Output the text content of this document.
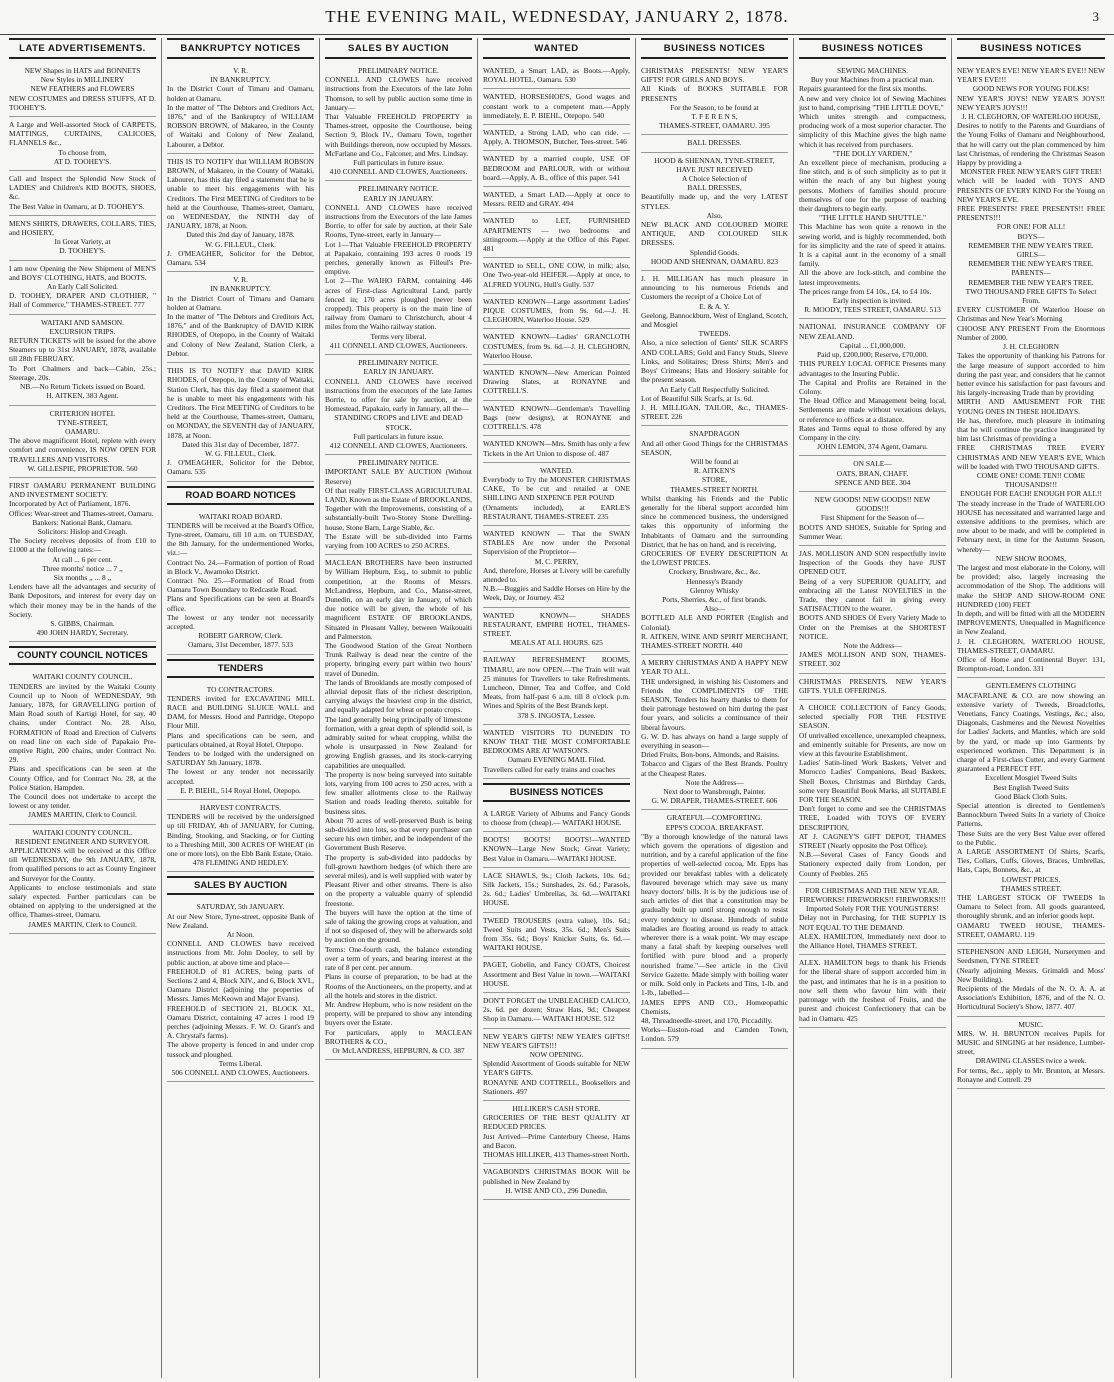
THE EVENING MAIL, WEDNESDAY, JANUARY 2, 1878.	3
LATE ADVERTISEMENTS.

NEW Shapes in HATS and BONNETS

New Styles in MILLINERY

NEW FEATHERS and FLOWERS

NEW COSTUMES and DRESS STUFFS, AT D. TOOHEY'S.

A Large and Well-assorted Stock of CARPETS, MATTINGS, CURTAINS, CALICOES, FLANNELS &c.,

To choose from,

AT D. TOOHEY'S.

Call and Inspect the Splendid New Stock of LADIES' and Children's KID BOOTS, SHOES, &c.

The Best Value in Oamaru, at D. TOOHEY'S.

MEN'S SHIRTS, DRAWERS, COLLARS, TIES, and HOSIERY,

In Great Variety, at

D. TOOHEY'S.

I am now Opening the New Shipment of MEN'S and BOYS' CLOTHING, HATS, and BOOTS.

An Early Call Solicited.

D. TOOHEY, DRAPER AND CLOTHIER, " Hall of Commerce," THAMES-STREET. 777

WAITAKI AND SAMSON.

EXCURSION TRIPS.

RETURN TICKETS will be issued for the above Steamers up to 31st JANUARY, 1878, available till 28th FEBRUARY.

To Port Chalmers and back—Cabin, 25s.; Steerage, 20s.

NB.—No Return Tickets issued on Board.

H. AITKEN, 383 Agent.

CRITERION HOTEL

TYNE-STREET,

OAMARU.

The above magnificent Hotel, replete with every comfort and convenience, IS NOW OPEN FOR TRAVELLERS AND VISITORS.

W. GILLESPIE, PROPRIETOR. 560

FIRST OAMARU PERMANENT BUILDING AND INVESTMENT SOCIETY.

Incorporated by Act of Parliament, 1876.

Offices: Wear-street and Thames-street, Oamaru.

Bankers: National Bank, Oamaru.

Solicitors: Hislop and Creagh.

The Society receives deposits of from £10 to £1000 at the following rates:—

At call ... 6 per cent.

Three months' notice ... 7 ,,

Six months ,, ... 8 ,,

Lenders have all the advantages and security of Bank Depositors, and interest for every day on which their money may be in the hands of the Society.

S. GIBBS, Chairman.

490 JOHN HARDY, Secretary.

COUNTY COUNCIL NOTICES

WAITAKI COUNTY COUNCIL.

TENDERS are invited by the Waitaki County Council up to Noon of WEDNESDAY, 9th January, 1878, for GRAVELLING portion of Main Road south of Kartigi Hotel, for say, 40 chains, under Contract No. 28. Also, FORMATION of Road and Erection of Culverts on road line on each side of Papakaio Pre-emptive Right, 200 chains, under Contract No. 29.

Plans and specifications can be seen at the County Office, and for Contract No. 28, at the Police Station, Hampden.

The Council does not undertake to accept the lowest or any tender.

JAMES MARTIN, Clerk to Council.

WAITAKI COUNTY COUNCIL.

RESIDENT ENGINEER AND SURVEYOR.

APPLICATIONS will be received at this Office till WEDNESDAY, the 9th JANUARY, 1878, from qualified persons to act as County Engineer and Surveyor for the County.

Applicants to enclose testimonials and state salary expected. Further particulars can be obtained on applying to the undersigned at the office, Thames-street, Oamaru.

JAMES MARTIN, Clerk to Council.

BANKRUPTCY NOTICES

V. R.

IN BANKRUPTCY.

In the District Court of Timaru and Oamaru, holden at Oamaru.

In the matter of "The Debtors and Creditors Act, 1876," and of the Bankruptcy of WILLIAM ROBSON BROWN, of Makareo, in the County of Waitaki and Colony of New Zealand, Labourer, a Debtor.

THIS IS TO NOTIFY that WILLIAM ROBSON BROWN, of Makareo, in the County of Waitaki, Labourer, has this day filed a statement that he is unable to meet his engagements with his Creditors. The First MEETING of Creditors to be held at the Courthouse, Thames-street, Oamaru, on WEDNESDAY, the NINTH day of JANUARY, 1878, at Noon.

Dated this 2nd day of January, 1878.

W. G. FILLEUL, Clerk.

J. O'MEAGHER, Solicitor for the Debtor, Oamaru. 534

V. R.

IN BANKRUPTCY.

In the District Court of Timaru and Oamaru holden at Oamaru.

In the matter of "The Debtors and Creditors Act, 1876," and of the Bankruptcy of DAVID KIRK RHODES, of Otepopo, in the County of Waitaki and Colony of New Zealand, Station Clerk, a Debtor.

THIS IS TO NOTIFY that DAVID KIRK RHODES, of Otepopo, in the County of Waitaki, Station Clerk, has this day filed a statement that he is unable to meet his engagements with his Creditors. The First MEETING of Creditors to be held at the Courthouse, Thames-street, Oamaru, on MONDAY, the SEVENTH day of JANUARY, 1878, at Noon.

Dated this 31st day of December, 1877.

W. G. FILLEUL, Clerk.

J. O'MEAGHER, Solicitor for the Debtor, Oamaru. 535

ROAD BOARD NOTICES

WAITAKI ROAD BOARD.

TENDERS will be received at the Board's Office, Tyne-street, Oamaru, till 10 a.m. on TUESDAY, the 8th January, for the undermentioned Works, viz.:—

Contract No. 24.—Formation of portion of Road in Block V., Awamoko District.

Contract No. 25.—Formation of Road from Oamaru Town Boundary to Redcastle Road.

Plans and Specifications can be seen at Board's office.

The lowest or any tender not necessarily accepted.

ROBERT GARROW, Clerk.

Oamaru, 31st December, 1877. 533

TENDERS

TO CONTRACTORS.

TENDERS invited for EXCAVATING MILL RACE and BUILDING SLUICE WALL and DAM, for Messrs. Hood and Partridge, Otepopo Flour Mill.

Plans and specifications can be seen, and particulars obtained, at Royal Hotel, Otepopo.

Tenders to be lodged with the undersigned on SATURDAY 5th January, 1878.

The lowest or any tender not necessarily accepted.

E. P. BIEHL, 514 Royal Hotel, Otepopo.

HARVEST CONTRACTS.

TENDERS will be received by the undersigned up till FRIDAY, 4th of JANUARY, for Cutting, Binding, Stooking, and Stacking, or for Cutting to a Threshing Mill, 300 ACRES OF WHEAT (in one or more lots), on the Ebb Bank Estate, Otaio.

478 FLEMING AND HEDLEY.

SALES BY AUCTION

SATURDAY, 5th JANUARY.

At our New Store, Tyne-street, opposite Bank of New Zealand.

At Noon.

CONNELL AND CLOWES have received instructions from Mr. John Dooley, to sell by public auction, at above time and place—

FREEHOLD of 81 ACRES, being parts of Sections 2 and 4, Block XIV., and 6, Block XVI., Oamaru District (adjoining the properties of Messrs. James McKeown and Major Evans).

FREEHOLD of SECTION 21, BLOCK XI., Oamaru District, containing 47 acres 1 rood 19 perches (adjoining Messrs. F. W. O. Grant's and A. Chrystal's farms).

The above property is fenced in and under crop tussock and ploughed.

Terms Liberal.

506 CONNELL AND CLOWES, Auctioneers.

SALES BY AUCTION

PRELIMINARY NOTICE.

CONNELL AND CLOWES have received instructions from the Executors of the late John Thomson, to sell by public auction some time in January—

That Valuable FREEHOLD PROPERTY in Thames-street, opposite the Courthouse, being Section 9, Block IV., Oamaru Town, together with Buildings thereon, now occupied by Messrs. McFarlane and Co., Falconer, and Mrs. Lindsay.

Full particulars in future issue.

410 CONNELL AND CLOWES, Auctioneers.

PRELIMINARY NOTICE.

EARLY IN JANUARY.

CONNELL AND CLOWES have received instructions from the Executors of the late James Borrie, to offer for sale by auction, at their Sale Rooms, Tyne-street, early in January—

Lot 1—That Valuable FREEHOLD PROPERTY at Papakaio, containing 193 acres 0 roods 19 perches, generally known as Filleul's Pre-emptive.

Lot 2—The WAIHO FARM, containing 446 acres of First-class Agricultural Land, partly fenced in; 170 acres ploughed (never been cropped). This property is on the main line of railway from Oamaru to Christchurch, about 4 miles from the Waiho railway station.

Terms very liberal.

411 CONNELL AND CLOWES, Auctioneers.

PRELIMINARY NOTICE.

EARLY IN JANUARY.

CONNELL AND CLOWES have received instructions from the executors of the late James Borrie, to offer for sale by auction, at the Homestead, Papakaio, early in January, all the—

STANDING CROPS and LIVE and DEAD STOCK.

Full particulars in future issue.

412 CONNELL AND CLOWES, Auctioneers.

PRELIMINARY NOTICE.

IMPORTANT SALE BY AUCTION (Without Reserve)

Of that really FIRST-CLASS AGRICULTURAL LAND, Known as the Estate of BROOKLANDS,

Together with the Improvements, consisting of a substantially-built Two-Storey Stone Dwelling-house, Stone Barn, Large Stable, &c.

The Estate will be sub-divided into Farms varying from 100 ACRES to 250 ACRES.

MACLEAN BROTHERS have been instructed by William Hepburn, Esq., to submit to public competition, at the Rooms of Messrs. McLandress, Hepburn, and Co., Manse-street, Dunedin, on an early day in January, of which due notice will be given, the whole of his magnificent ESTATE OF BROOKLANDS, Situated in Pleasant Valley, between Waikouaiti and Palmerston.

The Goodwood Station of the Great Northern Trunk Railway is dead near the centre of the property, bringing every part within two hours' travel of Dunedin.

The lands of Brooklands are mostly composed of alluvial deposit flats of the richest description, carrying always the heaviest crop in the district, and equally adapted for wheat or potato crops.

The land generally being principally of limestone formation, with a great depth of splendid soil, is admirably suited for wheat cropping, whilst the whole is unsurpassed in New Zealand for growing English grasses, and its stock-carrying capabilities are unequalled.

The property is now being surveyed into suitable lots, varying from 100 acres to 250 acres, with a few smaller allotments close to the Railway Station and roads leading thereto, suitable for business sites.

About 70 acres of well-preserved Bush is being sub-divided into lots, so that every purchaser can secure his own timber, and be independent of the Government Bush Reserve.

The property is sub-divided into paddocks by full-grown hawthorn hedges (of which there are several miles), and is well supplied with water by Pleasant River and other streams. There is also on the property a valuable quarry of splendid freestone.

The buyers will have the option at the time of sale of taking the growing crops at valuation, and if not so disposed of, they will be afterwards sold by auction on the ground.

Terms: One-fourth cash, the balance extending over a term of years, and bearing interest at the rate of 8 per cent. per annum.

Plans in course of preparation, to be had at the Rooms of the Auctioneers, on the property, and at all the hotels and stores in the district.

Mr. Andrew Hepburn, who is now resident on the property, will be prepared to show any intending buyers over the Estate.

For particulars, apply to MACLEAN BROTHERS & CO.,

Or McLANDRESS, HEPBURN, & CO. 387

WANTED

WANTED, a Smart LAD, as Boots.—Apply, ROYAL HOTEL, Oamaru. 530

WANTED, HORSESHOE'S, Good wages and constant work to a competent man.—Apply immediately, E. P. BIEHL, Otepopo. 540

WANTED, a Strong LAD, who can ride. —Apply, A. THOMSON, Butcher, Tees-street. 546

WANTED by a married couple, USE OF BEDROOM and PARLOUR, with or without board.—Apply, A. B., office of this paper. 541

WANTED, a Smart LAD.—Apply at once to Messrs. REID and GRAY. 494

WANTED to LET, FURNISHED APARTMENTS — two bedrooms and sittingroom.—Apply at the Office of this Paper. 481

WANTED to SELL, ONE COW, in milk; also, One Two-year-old HEIFER.—Apply at once, to ALFRED YOUNG, Hull's Gully. 537

WANTED KNOWN—Large assortment Ladies' PIQUE COSTUMES, from 9s. 6d.—J. H. CLEGHORN, Waterloo House. 529

WANTED KNOWN—Ladies' GRANCLOTH COSTUMES, from 9s. 6d.—J. H. CLEGHORN, Waterloo House.

WANTED KNOWN—New American Pointed Drawing Slates, at RONAYNE and COTTRELL'S.

WANTED KNOWN—Gentleman's Travelling Bags (new designs), at RONAYNE and COTTRELL'S. 478

WANTED KNOWN—Mrs. Smith has only a few Tickets in the Art Union to dispose of. 487

WANTED.

Everybody to Try the MONSTER CHRISTMAS CAKE, To be cut and retailed at ONE SHILLING AND SIXPENCE PER POUND

(Ornaments included), at EARLE'S RESTAURANT, THAMES-STREET. 235

WANTED KNOWN — That the SWAN STABLES Are now under the Personal Supervision of the Proprietor—

M. C. PERRY,

And, therefore, Horses at Livery will be carefully attended to.

N.B.—Buggies and Saddle Horses on Hire by the Week, Day, or Journey. 452

WANTED KNOWN— SHADES RESTAURANT, EMPIRE HOTEL, THAMES-STREET.

MEALS AT ALL HOURS. 625

RAILWAY REFRESHMENT ROOMS, TIMARU, are now OPEN.—The Train will wait 25 minutes for Travellers to take Refreshments. Luncheon, Dinner, Tea and Coffee, and Cold Meats, from half-past 6 a.m. till 8 o'clock p.m. Wines and Spirits of the Best Brands kept.

378 S. INGOSTA, Lessee.

WANTED VISITORS TO DUNEDIN TO KNOW THAT THE MOST COMFORTABLE BEDROOMS ARE AT WATSON'S.

Oamaru EVENING MAIL Filed.

Travellers called for early trains and coaches

BUSINESS NOTICES

A LARGE Variety of Albums and Fancy Goods to choose from (cheap).— WAITAKI HOUSE.

BOOTS! BOOTS! BOOTS!—WANTED KNOWN—Large New Stock; Great Variety; Best Value in Oamaru.—WAITAKI HOUSE.

LACE SHAWLS, 9s.; Cloth Jackets, 10s. 6d.; Silk Jackets, 15s.; Sunshades, 2s. 6d.; Parasols, 2s. 6d.; Ladies' Umbrellas, 3s. 6d.—WAITAKI HOUSE.

TWEED TROUSERS (extra value), 10s. 6d.; Tweed Suits and Vests, 35s. 6d.; Men's Suits from 35s. 6d.; Boys' Knicker Suits, 6s. 6d.—WAITAKI HOUSE.

PAGET, Gobelin, and Fancy COATS, Choicest Assortment and Best Value in town.—WAITAKI HOUSE.

DON'T FORGET the UNBLEACHED CALICO, 2s. 6d. per dozen; Straw Hats, 9d.; Cheapest Shop in Oamaru.— WAITAKI HOUSE. 512

NEW YEAR'S GIFTS! NEW YEAR'S GIFTS!! NEW YEAR'S GIFTS!!!

NOW OPENING.

Splendid Assortment of Goods suitable for NEW YEAR'S GIFTS.

RONAYNE AND COTTRELL, Booksellers and Stationers. 497

HILLIKER'S CASH STORE.

GROCERIES OF THE BEST QUALITY AT REDUCED PRICES.

Just Arrived—Prime Canterbury Cheese, Hams and Bacon.

THOMAS HILLIKER, 413 Thames-street North.

VAGABOND'S CHRISTMAS BOOK Will be published in New Zealand by

H. WISE AND CO., 296 Dunedin.

BUSINESS NOTICES

CHRISTMAS PRESENTS! NEW YEAR'S GIFTS! FOR GIRLS AND BOYS.

All Kinds of BOOKS SUITABLE FOR PRESENTS

For the Season, to be found at

T. F E R E N S,

THAMES-STREET, OAMARU. 395

BALL DRESSES.

HOOD & SHENNAN, TYNE-STREET,

HAVE JUST RECEIVED

A Choice Selection of

BALL DRESSES,

Beautifully made up, and the very LATEST STYLES.

Also,

NEW BLACK AND COLOURED MOIRE ANTIQUE, AND COLOURED SILK DRESSES.

Splendid Goods.

HOOD AND SHENNAN, OAMARU. 823

J. H. MILLIGAN has much pleasure in announcing to his numerous Friends and Customers the receipt of a Choice Lot of

E. & A. Y.

Geelong, Bannockburn, West of England, Scotch, and Mosgiel

TWEEDS.

Also, a nice selection of Gents' SILK SCARFS AND COLLARS; Gold and Fancy Studs, Sleeve Links, and Solitaires; Dress Shirts; Men's and Boys' Crimeans; Hats and Hosiery suitable for the present season.

An Early Call Respectfully Solicited.

Lot of Beautiful Silk Scarfs, at 1s. 6d.

J. H. MILLIGAN, TAILOR, &c., THAMES-STREET. 226

SNAPDRAGON

And all other Good Things for the CHRISTMAS SEASON,

Will be found at

R. AITKEN'S

STORE,

THAMES-STREET NORTH.

Whilst thanking his Friends and the Public generally for the liberal support accorded him since he commenced business, the undersigned takes this opportunity of informing the Inhabitants of Oamaru and the surrounding District, that he has on hand, and is receiving,

GROCERIES OF EVERY DESCRIPTION At the LOWEST PRICES.

Crockery, Brushware, &c., &c.

Hennessy's Brandy

Glenroy Whisky

Ports, Sherries, &c., of first brands.

Also—

BOTTLED ALE AND PORTER (English and Colonial).

R. AITKEN, WINE AND SPIRIT MERCHANT, THAMES-STREET NORTH. 440

A MERRY CHRISTMAS AND A HAPPY NEW YEAR TO ALL.

THE undersigned, in wishing his Customers and Friends the COMPLIMENTS OF THE SEASON, Tenders his hearty thanks to them for their patronage bestowed on him during the past four years, and solicits a continuance of their liberal favours.

G. W. D. has always on hand a large supply of everything in season—

Dried Fruits, Bon-bons, Almonds, and Raisins.

Tobacco and Cigars of the Best Brands. Poultry at the Cheapest Rates.

Note the Address—

Next door to Wansbrough, Painter.

G. W. DRAPER, THAMES-STREET. 606

GRATEFUL—COMFORTING.

EPPS'S COCOA. BREAKFAST.

"By a thorough knowledge of the natural laws which govern the operations of digestion and nutrition, and by a careful application of the fine properties of well-selected cocoa, Mr. Epps has provided our breakfast tables with a delicately flavoured beverage which may save us many heavy doctors' bills. It is by the judicious use of such articles of diet that a constitution may be gradually built up until strong enough to resist every tendency to disease. Hundreds of subtle maladies are floating around us ready to attack wherever there is a weak point. We may escape many a fatal shaft by keeping ourselves well fortified with pure blood and a properly nourished frame."—See article in the Civil Service Gazette. Made simply with boiling water or milk. Sold only in Packets and Tins, 1-lb. and 1-lb., labelled—

JAMES EPPS AND CO., Homœopathic Chemists,

48, Threadneedle-street, and 170, Piccadilly.

Works—Euston-road and Camden Town, London. 579

BUSINESS NOTICES

SEWING MACHINES.

Buy your Machines from a practical man.

Repairs guaranteed for the first six months.

A new and very choice lot of Sewing Machines just to hand, comprising "THE LITTLE DOVE,"

Which unites strength and compactness, producing work of a most superior character. The simplicity of this Machine gives the high name which it has received from purchasers.

"THE DOLLY VARDEN,"

An excellent piece of mechanism, producing a fine stitch, and is of such simplicity as to put it within the reach of any but highest young persons. Mothers of families should procure themselves of one for the purpose of teaching their daughters to begin early.

"THE LITTLE HAND SHUTTLE."

This Machine has won quite a renown in the sewing world, and is highly recommended, both for its simplicity and the rate of speed it attains. It is a capital aunt in the economy of a small family.

All the above are lock-stitch, and combine the latest improvements.

The prices range from £4 10s., £4, to £4 10s.

Early inspection is invited.

R. MOODY, TEES STREET, OAMARU. 513

NATIONAL INSURANCE COMPANY OF NEW ZEALAND.

Capital ... £1,000,000.

Paid up, £200,000; Reserve, £70,000.

THIS PURELY LOCAL OFFICE Presents many advantages to the Insuring Public.

The Capital and Profits are Retained in the Colony.

The Head Office and Management being local, Settlements are made without vexatious delays, or reference to offices at a distance.

Rates and Terms equal to those offered by any Company in the city.

JOHN LEMON, 374 Agent, Oamaru.

ON SALE—

OATS, BRAN, CHAFF.

SPENCE AND BEE. 304

NEW GOODS! NEW GOODS!! NEW GOODS!!!

First Shipment for the Season of—

BOOTS AND SHOES, Suitable for Spring and Summer Wear.

JAS. MOLLISON AND SON respectfully invite Inspection of the Goods they have JUST OPENED OUT.

Being of a very SUPERIOR QUALITY, and embracing all the Latest NOVELTIES in the Trade, they cannot fail in giving every SATISFACTION to the wearer.

BOOTS AND SHOES Of Every Variety Made to Order on the Premises at the SHORTEST NOTICE.

Note the Address—

JAMES MOLLISON AND SON, THAMES-STREET. 302

CHRISTMAS PRESENTS. NEW YEAR'S GIFTS. YULE OFFERINGS.

A CHOICE COLLECTION of Fancy Goods, selected specially FOR THE FESTIVE SEASON.

Of unrivalled excellence, unexampled cheapness, and eminently suitable for Presents, are now on view at this favourite Establishment.

Ladies' Satin-lined Work Baskets, Velvet and Morocco Ladies' Companions, Bead Baskets, Shell Boxes, Christmas and Birthday Cards, some very Beautiful Book Marks, all SUITABLE FOR THE SEASON.

Don't forget to come and see the CHRISTMAS TREE, Loaded with TOYS OF EVERY DESCRIPTION,

AT J. CAGNEY'S GIFT DEPOT, THAMES STREET (Nearly opposite the Post Office).

N.B.—Several Cases of Fancy Goods and Stationery expected daily from London, per County of Peebles. 265

FOR CHRISTMAS AND THE NEW YEAR.

FIREWORKS! FIREWORKS!! FIREWORKS!!!

Imported Solely FOR THE YOUNGSTERS!

Delay not in Purchasing, for THE SUPPLY IS NOT EQUAL TO THE DEMAND.

ALEX. HAMILTON, Immediately next door to the Alliance Hotel, THAMES STREET.

ALEX. HAMILTON begs to thank his Friends for the liberal share of support accorded him in the past, and intimates that he is in a position to now sell them who favour him with their patronage with the freshest of Fruits, and the purest and choicest Confectionery that can be had in Oamaru. 425

BUSINESS NOTICES

NEW YEAR'S EVE! NEW YEAR'S EVE!! NEW YEAR'S EVE!!!

GOOD NEWS FOR YOUNG FOLKS!

NEW YEAR'S JOYS! NEW YEAR'S JOYS!! NEW YEAR'S JOYS!!!

J. H. CLEGHORN, OF WATERLOO HOUSE,

Desires to notify to the Parents and Guardians of the Young Folks of Oamaru and Neighbourhood, that he will carry out the plan commenced by him last Christmas, of rendering the Christmas Season Happy by providing a

MONSTER FREE NEW YEAR'S GIFT TREE!

which will be loaded with TOYS AND PRESENTS OF EVERY KIND For the Young on NEW YEAR'S EVE.

FREE PRESENTS! FREE PRESENTS!! FREE PRESENTS!!!

FOR ONE! FOR ALL!

BOYS—

REMEMBER THE NEW YEAR'S TREE.

GIRLS—

REMEMBER THE NEW YEAR'S TREE.

PARENTS—

REMEMBER THE NEW YEAR'S TREE.

TWO THOUSAND FREE GIFTS To Select From.

EVERY CUSTOMER Of Waterloo House on Christmas and New Year's Morning

CHOOSE ANY PRESENT From the Enormous Number of 2000.

J. H. CLEGHORN

Takes the opportunity of thanking his Patrons for the large measure of support accorded to him during the past year, and considers that he cannot better evince his satisfaction for past favours and his largely-increasing Trade than by providing

MIRTH AND AMUSEMENT FOR THE YOUNG ONES IN THESE HOLIDAYS.

He has, therefore, much pleasure in intimating that he will continue the practice inaugurated by him last Christmas of providing a

FREE CHRISTMAS TREE EVERY CHRISTMAS AND NEW YEAR'S EVE, Which will be loaded with TWO THOUSAND GIFTS.

COME ONE! COME TEN!! COME THOUSANDS!!!

ENOUGH FOR EACH! ENOUGH FOR ALL!!

The steady increase in the Trade of WATERLOO HOUSE has necessitated and warranted large and extensive additions to the premises, which are now about to be made, and will be completed in February next, in time for the Autumn Season, whereby—

NEW SHOW ROOMS,

The largest and most elaborate in the Colony, will be provided; also, largely increasing the accommodation of the Shop. The additions will make the SHOP AND SHOW-ROOM ONE HUNDRED (100) FEET

In depth, and will be fitted with all the MODERN IMPROVEMENTS, Unequalled in Magnificence in New Zealand.

J. H. CLEGHORN, WATERLOO HOUSE, THAMES-STREET, OAMARU.

Office of Home and Continental Buyer: 131, Brompton-road, London. 331

GENTLEMEN'S CLOTHING

MACFARLANE & CO. are now showing an extensive variety of Tweeds, Broadcloths, Venetians, Fancy Coatings, Vestings, &c.; also, Diagonals, Cashmeres and the Newest Novelties for Ladies' Jackets, and Mantles, which are sold by the yard, or made up into Garments by experienced workmen. This Department is in charge of a First-class Cutter, and every Garment guaranteed a PERFECT FIT.

Excellent Mosgiel Tweed Suits

Best English Tweed Suits

Good Black Cloth Suits.

Special attention is directed to Gentlemen's Bannockburn Tweed Suits In a variety of Choice Patterns.

These Suits are the very Best Value ever offered to the Public.

A LARGE ASSORTMENT Of Shirts, Scarfs, Ties, Collars, Cuffs, Gloves, Braces, Umbrellas, Hats, Caps, Bonnets, &c., at

LOWEST PRICES.

THAMES STREET.

THE LARGEST STOCK OF TWEEDS In Oamaru to Select from. All goods guaranteed, thoroughly shrunk, and an inferior goods kept.

OAMARU TWEED HOUSE, THAMES-STREET, OAMARU. 119

STEPHENSON AND LEIGH, Nurserymen and Seedsmen, TYNE STREET

(Nearly adjoining Messrs. Grimaldi and Moss' New Building).

Recipients of the Medals of the N. O. A. A. at Association's Exhibition, 1876, and of the N. O. Horticultural Society's Show, 1877. 407

MUSIC.

MRS. W. H. BRUNTON receives Pupils for MUSIC and SINGING at her residence, Lumber-street,

DRAWING CLASSES twice a week.

For terms, &c., apply to Mr. Brunton, at Messrs. Ronayne and Cottrell. 29
